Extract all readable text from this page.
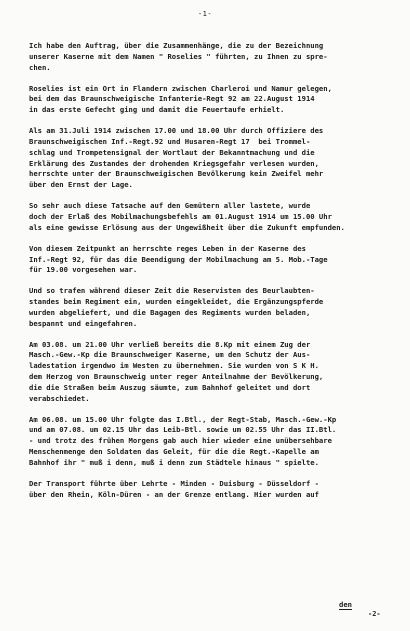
-1-
Ich habe den Auftrag, über die Zusammenhänge, die zu der Bezeichnung
unserer Kaserne mit dem Namen " Roselies " führten, zu Ihnen zu spre-
chen.
Roselies ist ein Ort in Flandern zwischen Charleroi und Namur gelegen,
bei dem das Braunschweigische Infanterie-Regt 92 am 22.August 1914
in das erste Gefecht ging und damit die Feuertaufe erhielt.
Als am 31.Juli 1914 zwischen 17.00 und 18.00 Uhr durch Offiziere des
Braunschweigischen Inf.-Regt.92 und Husaren-Regt 17  bei Trommel-
schlag und Trompetensignal der Wortlaut der Bekanntmachung und die
Erklärung des Zustandes der drohenden Kriegsgefahr verlesen wurden,
herrschte unter der Braunschweigischen Bevölkerung kein Zweifel mehr
über den Ernst der Lage.
So sehr auch diese Tatsache auf den Gemütern aller lastete, wurde
doch der Erlaß des Mobilmachungsbefehls am 01.August 1914 um 15.00 Uhr
als eine gewisse Erlösung aus der Ungewißheit über die Zukunft empfunden.
Von diesem Zeitpunkt an herrschte reges Leben in der Kaserne des
Inf.-Regt 92, für das die Beendigung der Mobilmachung am 5. Mob.-Tage
für 19.00 vorgesehen war.
Und so trafen während dieser Zeit die Reservisten des Beurlaubten-
standes beim Regiment ein, wurden eingekleidet, die Ergänzungspferde
wurden abgeliefert, und die Bagagen des Regiments wurden beladen,
bespannt und eingefahren.
Am 03.08. um 21.00 Uhr verließ bereits die 8.Kp mit einem Zug der
Masch.-Gew.-Kp die Braunschweiger Kaserne, um den Schutz der Aus-
ladestation irgendwo im Westen zu übernehmen. Sie wurden von S K H.
dem Herzog von Braunschweig unter reger Anteilnahme der Bevölkerung,
die die Straßen beim Auszug säumte, zum Bahnhof geleitet und dort
verabschiedet.
Am 06.08. um 15.00 Uhr folgte das I.Btl., der Regt-Stab, Masch.-Gew.-Kp
und am 07.08. um 02.15 Uhr das Leib-Btl. sowie um 02.55 Uhr das II.Btl.
- und trotz des frühen Morgens gab auch hier wieder eine unübersehbare
Menschenmenge den Soldaten das Geleit, für die die Regt.-Kapelle am
Bahnhof ihr " muß i denn, muß i denn zum Städtele hinaus " spielte.
Der Transport führte über Lehrte - Minden - Duisburg - Düsseldorf -
über den Rhein, Köln-Düren - an der Grenze entlang. Hier wurden auf
den
-2-
